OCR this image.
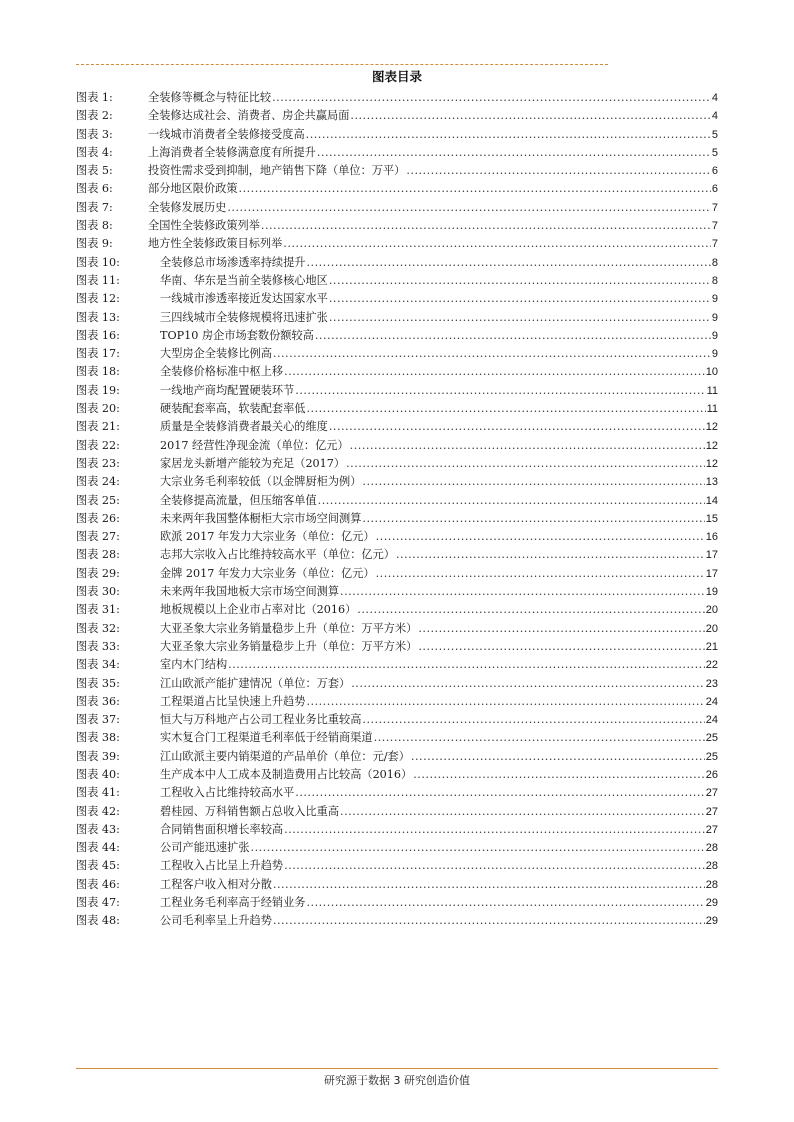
图表目录
图表 1:	全装修等概念与特征比较 .....	4
图表 2:	全装修达成社会、消费者、房企共赢局面 .....	4
图表 3:	一线城市消费者全装修接受度高 .....	5
图表 4:	上海消费者全装修满意度有所提升 .....	5
图表 5:	投资性需求受到抑制，地产销售下降（单位：万平） .....	6
图表 6:	部分地区限价政策 .....	6
图表 7:	全装修发展历史 .....	7
图表 8:	全国性全装修政策列举 .....	7
图表 9:	地方性全装修政策目标列举 .....	7
图表 10:	全装修总市场渗透率持续提升 .....	8
图表 11:	华南、华东是当前全装修核心地区 .....	8
图表 12:	一线城市渗透率接近发达国家水平 .....	9
图表 13:	三四线城市全装修规模将迅速扩张 .....	9
图表 16:	TOP10 房企市场套数份额较高 .....	9
图表 17:	大型房企全装修比例高 .....	9
图表 18:	全装修价格标准中枢上移 .....	10
图表 19:	一线地产商均配置硬装环节 .....	11
图表 20:	硬装配套率高，软装配套率低 .....	11
图表 21:	质量是全装修消费者最关心的维度 .....	12
图表 22:	2017 经营性净现金流（单位：亿元） .....	12
图表 23:	家居龙头新增产能较为充足（2017） .....	12
图表 24:	大宗业务毛利率较低（以金牌厨柜为例） .....	13
图表 25:	全装修提高流量，但压缩客单值 .....	14
图表 26:	未来两年我国整体橱柜大宗市场空间测算 .....	15
图表 27:	欧派 2017 年发力大宗业务（单位：亿元） .....	16
图表 28:	志邦大宗收入占比维持较高水平（单位：亿元） .....	17
图表 29:	金牌 2017 年发力大宗业务（单位：亿元） .....	17
图表 30:	未来两年我国地板大宗市场空间测算 .....	19
图表 31:	地板规模以上企业市占率对比（2016） .....	20
图表 32:	大亚圣象大宗业务销量稳步上升（单位：万平方米） .....	20
图表 33:	大亚圣象大宗业务销量稳步上升（单位：万平方米） .....	21
图表 34:	室内木门结构 .....	22
图表 35:	江山欧派产能扩建情况（单位：万套） .....	23
图表 36:	工程渠道占比呈快速上升趋势 .....	24
图表 37:	恒大与万科地产占公司工程业务比重较高 .....	24
图表 38:	实木复合门工程渠道毛利率低于经销商渠道 .....	25
图表 39:	江山欧派主要内销渠道的产品单价（单位：元/套） .....	25
图表 40:	生产成本中人工成本及制造费用占比较高（2016） .....	26
图表 41:	工程收入占比维持较高水平 .....	27
图表 42:	碧桂园、万科销售额占总收入比重高 .....	27
图表 43:	合同销售面积增长率较高 .....	27
图表 44:	公司产能迅速扩张 .....	28
图表 45:	工程收入占比呈上升趋势 .....	28
图表 46:	工程客户收入相对分散 .....	28
图表 47:	工程业务毛利率高于经销业务 .....	29
图表 48:	公司毛利率呈上升趋势 .....	29
研究源于数据 3 研究创造价值
